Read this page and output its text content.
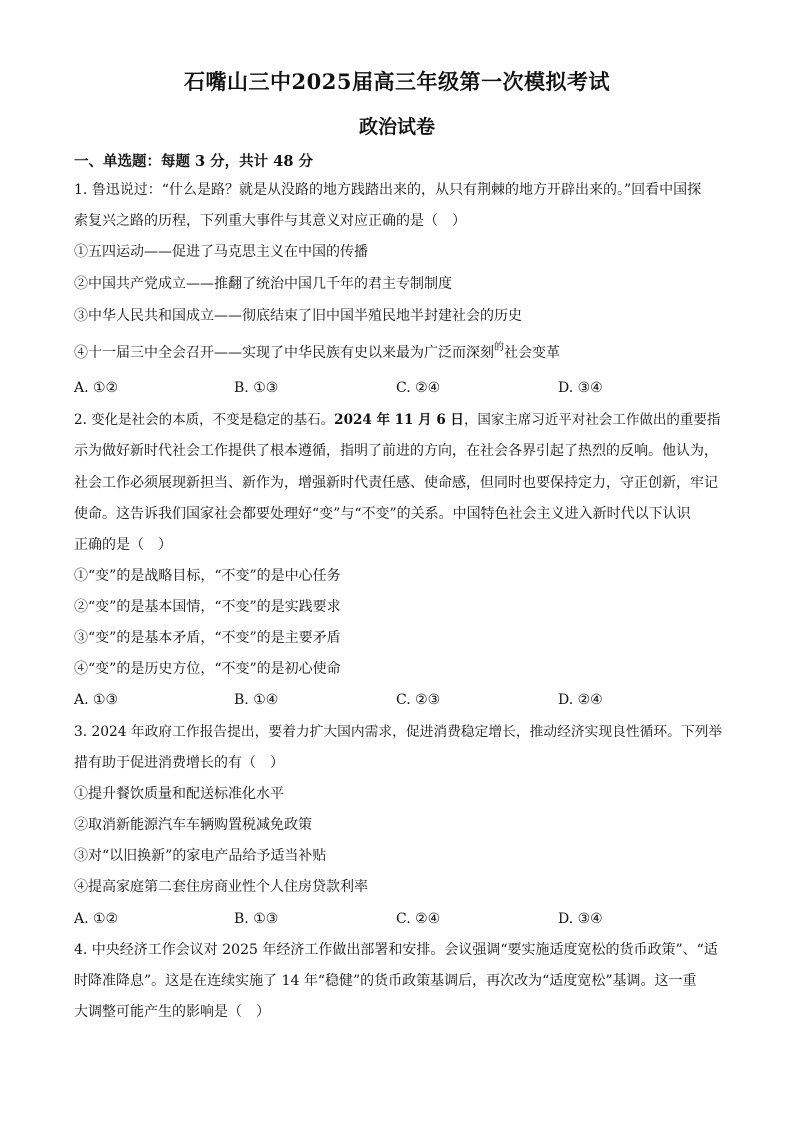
石嘴山三中2025届高三年级第一次模拟考试
政治试卷
一、单选题：每题 3 分，共计 48 分
1. 鲁迅说过：“什么是路？就是从没路的地方践踏出来的，从只有荆棘的地方开辟出来的。”回看中国探
索复兴之路的历程，下列重大事件与其意义对应正确的是（　）
①五四运动——促进了马克思主义在中国的传播
②中国共产党成立——推翻了统治中国几千年的君主专制制度
③中华人民共和国成立——彻底结束了旧中国半殖民地半封建社会的历史
④十一届三中全会召开——实现了中华民族有史以来最为广泛而深刻$^的$社会变革
A. ①②	B. ①③	C. ②④	D. ③④
2. 变化是社会的本质，不变是稳定的基石。2024 年 11 月 6 日，国家主席习近平对社会工作做出的重要指
示为做好新时代社会工作提供了根本遵循，指明了前进的方向，在社会各界引起了热烈的反响。他认为，
社会工作必须展现新担当、新作为，增强新时代责任感、使命感，但同时也要保持定力，守正创新，牢记
使命。这告诉我们国家社会都要处理好“变”与“不变”的关系。中国特色社会主义进入新时代以下认识
正确的是（　）
①“变”的是战略目标，“不变”的是中心任务
②“变”的是基本国情，“不变”的是实践要求
③“变”的是基本矛盾，“不变”的是主要矛盾
④“变”的是历史方位，“不变”的是初心使命
A. ①③	B. ①④	C. ②③	D. ②④
3. 2024 年政府工作报告提出，要着力扩大国内需求，促进消费稳定增长，推动经济实现良性循环。下列举
措有助于促进消费增长的有（　）
①提升餐饮质量和配送标准化水平
②取消新能源汽车车辆购置税减免政策
③对“以旧换新”的家电产品给予适当补贴
④提高家庭第二套住房商业性个人住房贷款利率
A. ①②	B. ①③	C. ②④	D. ③④
4. 中央经济工作会议对 2025 年经济工作做出部署和安排。会议强调“要实施适度宽松的货币政策”、“适
时降准降息”。这是在连续实施了 14 年“稳健”的货币政策基调后，再次改为“适度宽松”基调。这一重
大调整可能产生的影响是（　）
